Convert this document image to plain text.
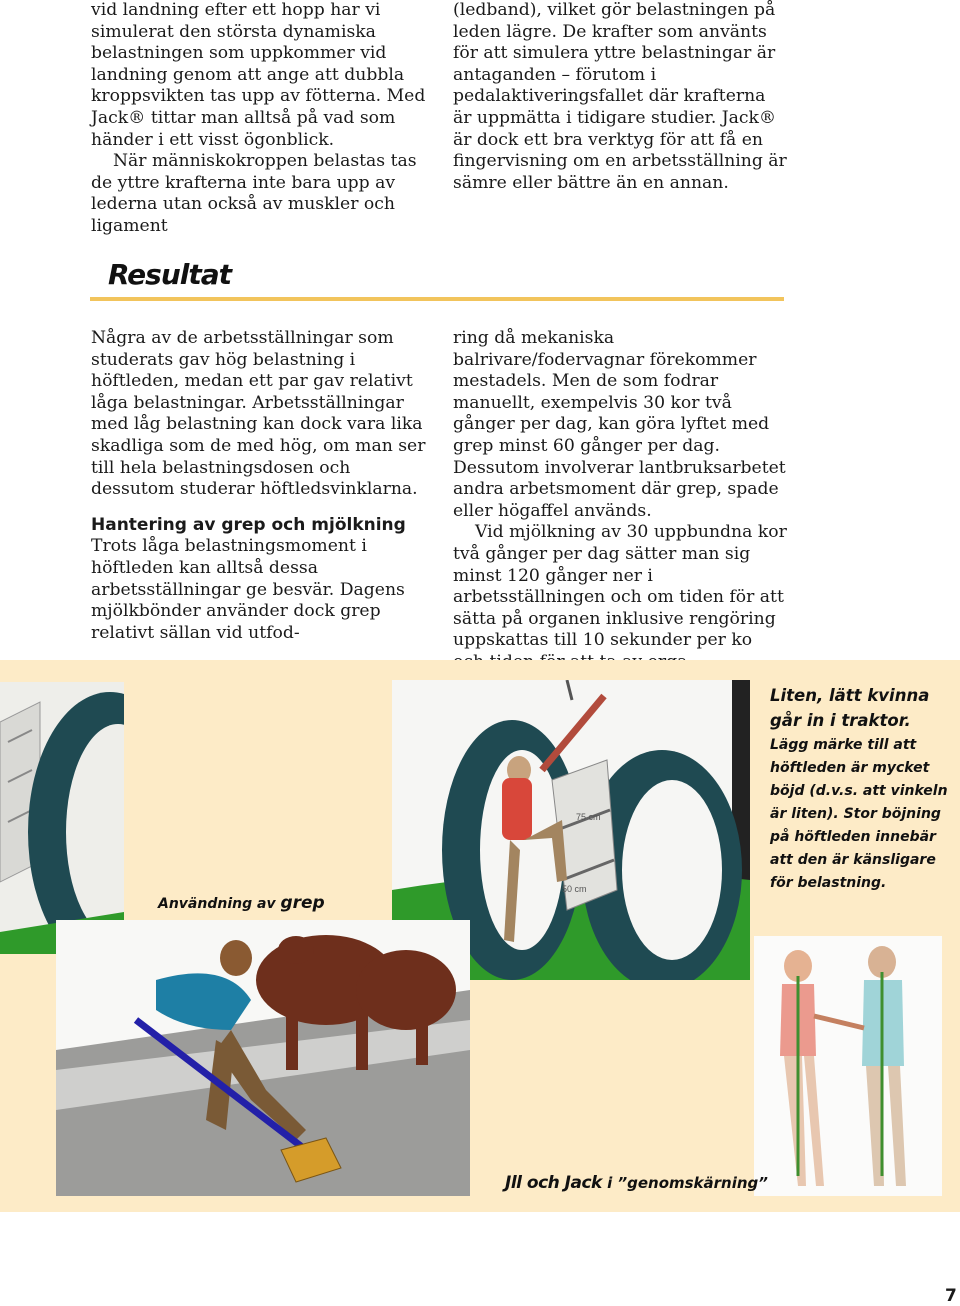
vid landning efter ett hopp har vi simulerat den största dynamiska belastningen som uppkommer vid landning genom att ange att dubbla kroppsvikten tas upp av fötterna. Med Jack® tittar man alltså på vad som händer i ett visst ögonblick.

När människokroppen belastas tas de yttre krafterna inte bara upp av lederna utan också av muskler och ligament

(ledband), vilket gör belastningen på leden lägre. De krafter som använts för att simulera yttre belastningar är antaganden – förutom i pedalaktiveringsfallet där krafterna är uppmätta i tidigare studier. Jack® är dock ett bra verktyg för att få en fingervisning om en arbetsställning är sämre eller bättre än en annan.

Resultat

Några av de arbetsställningar som studerats gav hög belastning i höftleden, medan ett par gav relativt låga belastningar. Arbetsställningar med låg belastning kan dock vara lika skadliga som de med hög, om man ser till hela belastningsdosen och dessutom studerar höftledsvinklarna.

Hantering av grep och mjölkning

Trots låga belastningsmoment i höftleden kan alltså dessa arbetsställningar ge besvär. Dagens mjölkbönder använder dock grep relativt sällan vid utfod-

ring då mekaniska balrivare/fodervagnar förekommer mestadels. Men de som fodrar manuellt, exempelvis 30 kor två gånger per dag, kan göra lyftet med grep minst 60 gånger per dag. Dessutom involverar lantbruksarbetet andra arbetsmoment där grep, spade eller högaffel används.

Vid mjölkning av 30 uppbundna kor två gånger per dag sätter man sig minst 120 gånger ner i arbetsställningen och om tiden för att sätta på organen inklusive rengöring uppskattas till 10 sekunder per ko

75 cm
50 cm
Användning av grep
Liten, lätt kvinna går in i traktor. Lägg märke till att höftleden är mycket böjd (d.v.s. att vinkeln är liten). Stor böjning på höftleden innebär att den är känsligare för belastning.
Jll och Jack i ”genomskärning”
7
